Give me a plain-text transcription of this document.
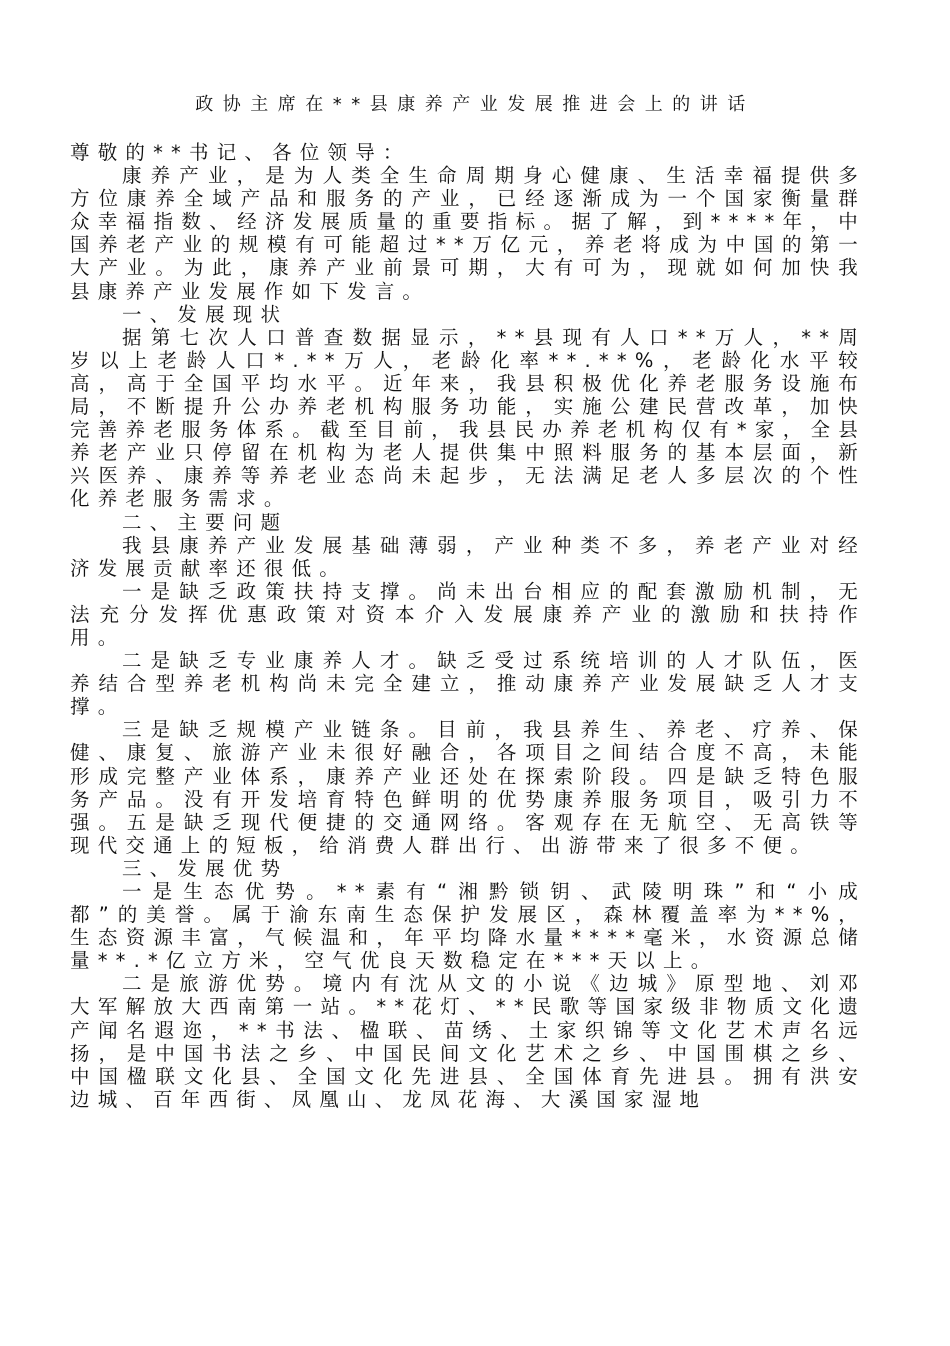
政协主席在**县康养产业发展推进会上的讲话

尊敬的**书记、各位领导：

康养产业，是为人类全生命周期身心健康、生活幸福提供多方位康养全域产品和服务的产业，已经逐渐成为一个国家衡量群众幸福指数、经济发展质量的重要指标。据了解，到****年，中国养老产业的规模有可能超过**万亿元，养老将成为中国的第一大产业。为此，康养产业前景可期，大有可为，现就如何加快我县康养产业发展作如下发言。

一、发展现状

据第七次人口普查数据显示，**县现有人口**万人，**周岁以上老龄人口*.**万人，老龄化率**.**%，老龄化水平较高，高于全国平均水平。近年来，我县积极优化养老服务设施布局，不断提升公办养老机构服务功能，实施公建民营改革，加快完善养老服务体系。截至目前，我县民办养老机构仅有*家，全县养老产业只停留在机构为老人提供集中照料服务的基本层面，新兴医养、康养等养老业态尚未起步，无法满足老人多层次的个性化养老服务需求。

二、主要问题

我县康养产业发展基础薄弱，产业种类不多，养老产业对经济发展贡献率还很低。

一是缺乏政策扶持支撑。尚未出台相应的配套激励机制，无法充分发挥优惠政策对资本介入发展康养产业的激励和扶持作用。

二是缺乏专业康养人才。缺乏受过系统培训的人才队伍，医养结合型养老机构尚未完全建立，推动康养产业发展缺乏人才支撑。

三是缺乏规模产业链条。目前，我县养生、养老、疗养、保健、康复、旅游产业未很好融合，各项目之间结合度不高，未能形成完整产业体系，康养产业还处在探索阶段。四是缺乏特色服务产品。没有开发培育特色鲜明的优势康养服务项目，吸引力不强。五是缺乏现代便捷的交通网络。客观存在无航空、无高铁等现代交通上的短板，给消费人群出行、出游带来了很多不便。

三、发展优势

一是生态优势。**素有“湘黔锁钥、武陵明珠”和“小成都”的美誉。属于渝东南生态保护发展区，森林覆盖率为**%，生态资源丰富，气候温和，年平均降水量****毫米，水资源总储量**.*亿立方米，空气优良天数稳定在***天以上。

二是旅游优势。境内有沈从文的小说《边城》原型地、刘邓大军解放大西南第一站。**花灯、**民歌等国家级非物质文化遗产闻名遐迩，**书法、楹联、苗绣、土家织锦等文化艺术声名远扬，是中国书法之乡、中国民间文化艺术之乡、中国围棋之乡、中国楹联文化县、全国文化先进县、全国体育先进县。拥有洪安边城、百年西街、凤凰山、龙凤花海、大溪国家湿地
